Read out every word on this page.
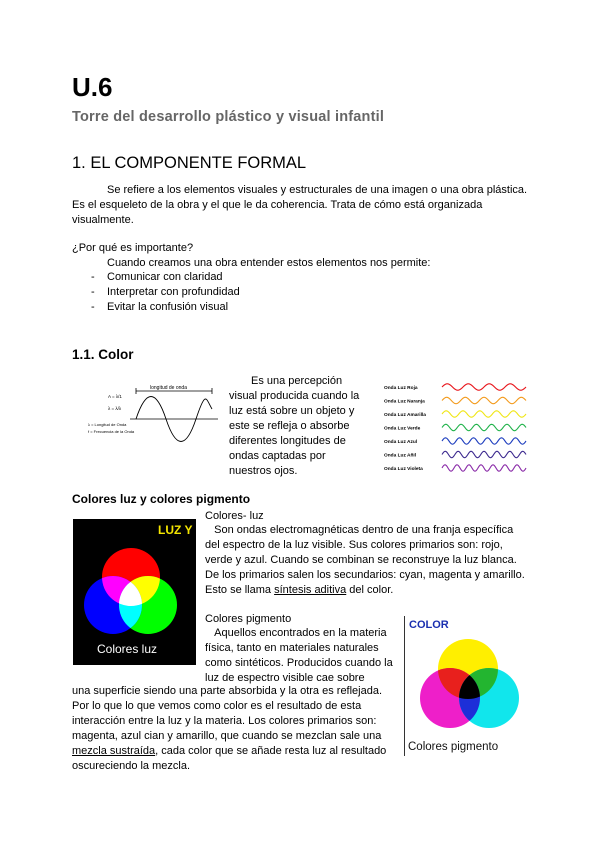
U.6
Torre del desarrollo plástico y visual infantil
1. EL COMPONENTE FORMAL
Se refiere a los elementos visuales y estructurales de una imagen o una obra plástica. Es el esqueleto de la obra y el que le da coherencia. Trata de cómo está organizada visualmente.
¿Por qué es importante?
Cuando creamos una obra entender estos elementos nos permite:
- Comunicar con claridad
- Interpretar con profundidad
- Evitar la confusión visual
1.1. Color
longitud de onda
A = λ/1
λ = λ/λ
λ = Longitud de Onda
f = Frecuencia de la Onda
Es una percepción visual producida cuando la luz está sobre un objeto y este se refleja o absorbe diferentes longitudes de ondas captadas por nuestros ojos.
Onda Luz Roja
Onda Luz Naranja
Onda Luz Amarilla
Onda Luz Verde
Onda Luz Azul
Onda Luz Añil
Onda Luz Violeta
Colores luz y colores pigmento
LUZ Y
Colores luz
Colores- luz
Son ondas electromagnéticas dentro de una franja específica del espectro de la luz visible. Sus colores primarios son: rojo, verde y azul. Cuando se combinan se reconstruye la luz blanca. De los primarios salen los secundarios: cyan, magenta y amarillo. Esto se llama síntesis aditiva del color.
Colores pigmento
Aquellos encontrados en la materia física, tanto en materiales naturales como sintéticos. Producidos cuando la luz de espectro visible cae sobre
una superficie siendo una parte absorbida y la otra es reflejada. Por lo que lo que vemos como color es el resultado de esta interacción entre la luz y la materia. Los colores primarios son: magenta, azul cian y amarillo, que cuando se mezclan sale una mezcla sustraída, cada color que se añade resta luz al resultado oscureciendo la mezcla.
COLOR
Colores pigmento
